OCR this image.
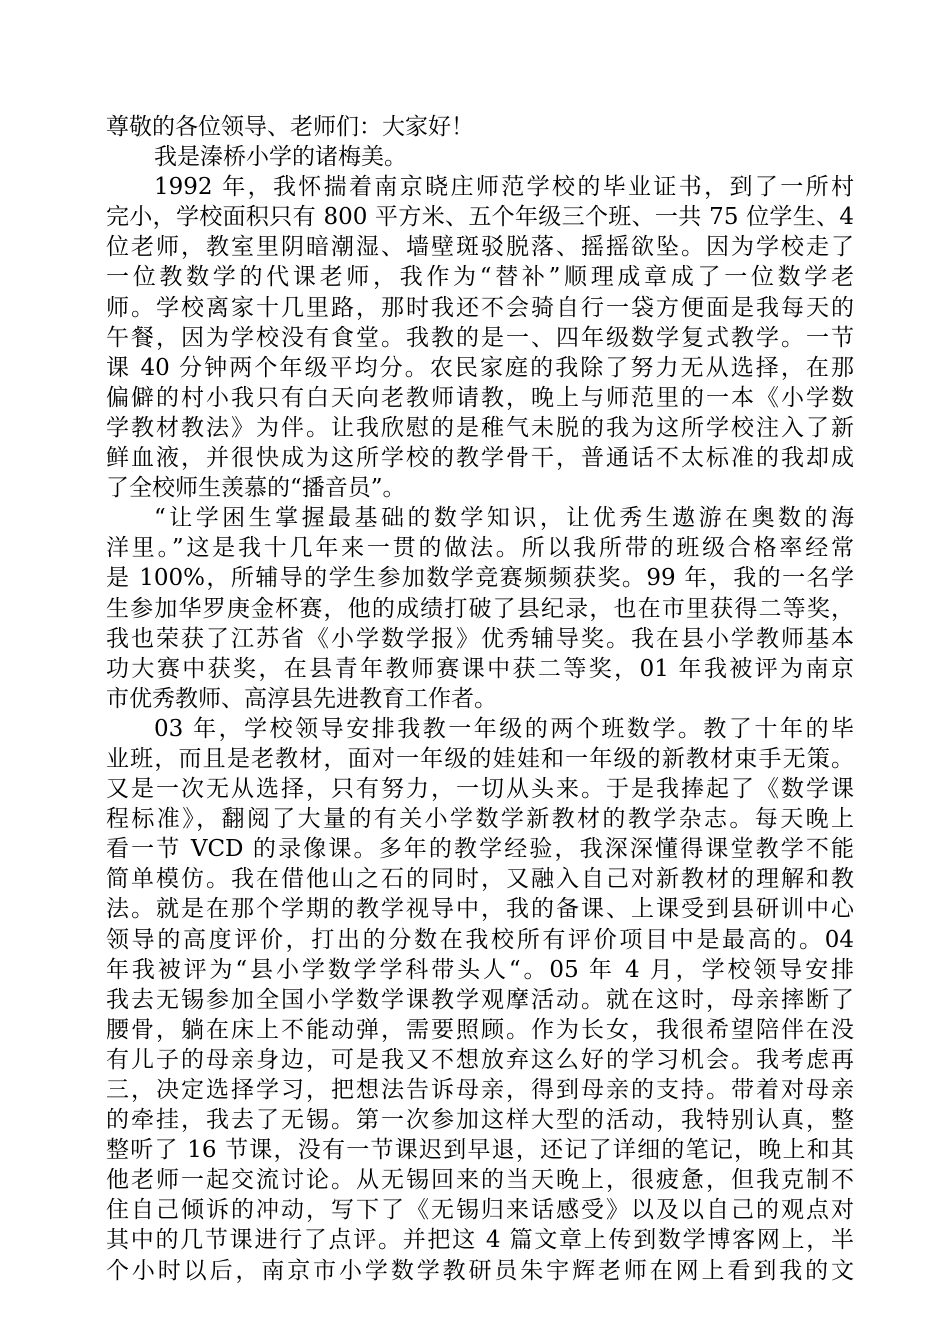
尊敬的各位领导、老师们：大家好！
我是溱桥小学的诸梅美。
1992 年，我怀揣着南京晓庄师范学校的毕业证书，到了一所村
完小，学校面积只有 800 平方米、五个年级三个班、一共 75 位学生、4
位老师，教室里阴暗潮湿、墙壁斑驳脱落、摇摇欲坠。因为学校走了
一位教数学的代课老师，我作为“替补”顺理成章成了一位数学老
师。学校离家十几里路，那时我还不会骑自行一袋方便面是我每天的
午餐，因为学校没有食堂。我教的是一、四年级数学复式教学。一节
课 40 分钟两个年级平均分。农民家庭的我除了努力无从选择，在那
偏僻的村小我只有白天向老教师请教，晚上与师范里的一本《小学数
学教材教法》为伴。让我欣慰的是稚气未脱的我为这所学校注入了新
鲜血液，并很快成为这所学校的教学骨干，普通话不太标准的我却成
了全校师生羡慕的“播音员”。
“让学困生掌握最基础的数学知识，让优秀生遨游在奥数的海
洋里。”这是我十几年来一贯的做法。所以我所带的班级合格率经常
是 100%，所辅导的学生参加数学竞赛频频获奖。99 年，我的一名学
生参加华罗庚金杯赛，他的成绩打破了县纪录，也在市里获得二等奖，
我也荣获了江苏省《小学数学报》优秀辅导奖。我在县小学教师基本
功大赛中获奖，在县青年教师赛课中获二等奖，01 年我被评为南京
市优秀教师、高淳县先进教育工作者。
03 年，学校领导安排我教一年级的两个班数学。教了十年的毕
业班，而且是老教材，面对一年级的娃娃和一年级的新教材束手无策。
又是一次无从选择，只有努力，一切从头来。于是我捧起了《数学课
程标准》，翻阅了大量的有关小学数学新教材的教学杂志。每天晚上
看一节 VCD 的录像课。多年的教学经验，我深深懂得课堂教学不能
简单模仿。我在借他山之石的同时，又融入自己对新教材的理解和教
法。就是在那个学期的教学视导中，我的备课、上课受到县研训中心
领导的高度评价，打出的分数在我校所有评价项目中是最高的。04
年我被评为“县小学数学学科带头人“。05 年 4 月，学校领导安排
我去无锡参加全国小学数学课教学观摩活动。就在这时，母亲摔断了
腰骨，躺在床上不能动弹，需要照顾。作为长女，我很希望陪伴在没
有儿子的母亲身边，可是我又不想放弃这么好的学习机会。我考虑再
三，决定选择学习，把想法告诉母亲，得到母亲的支持。带着对母亲
的牵挂，我去了无锡。第一次参加这样大型的活动，我特别认真，整
整听了 16 节课，没有一节课迟到早退，还记了详细的笔记，晚上和其
他老师一起交流讨论。从无锡回来的当天晚上，很疲惫，但我克制不
住自己倾诉的冲动，写下了《无锡归来话感受》以及以自己的观点对
其中的几节课进行了点评。并把这 4 篇文章上传到数学博客网上，半
个小时以后，南京市小学数学教研员朱宇辉老师在网上看到我的文
